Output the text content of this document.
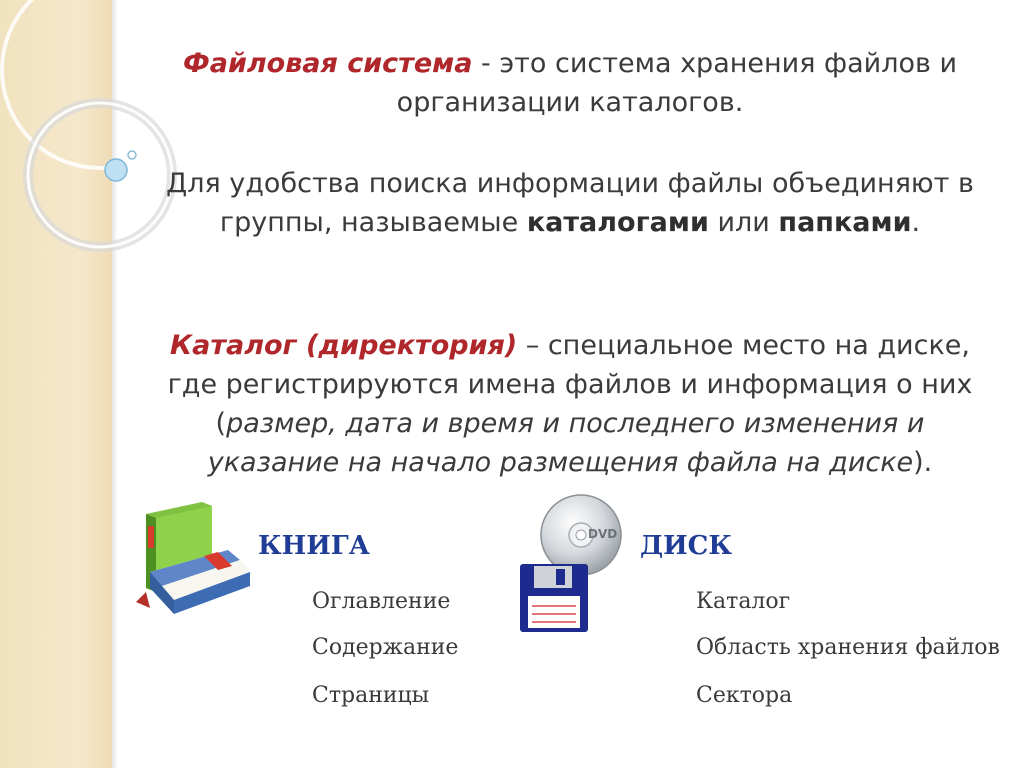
Файловая система - это система хранения файлов и организации каталогов.
Для удобства поиска информации файлы объединяют в группы, называемые каталогами или папками.
Каталог (директория) – специальное место на диске, где регистрируются имена файлов и информация о них (размер, дата и время и последнего изменения и указание на начало размещения файла на диске).
DVD
КНИГА
Оглавление
Содержание
Страницы
ДИСК
Каталог
Область хранения файлов
Сектора
